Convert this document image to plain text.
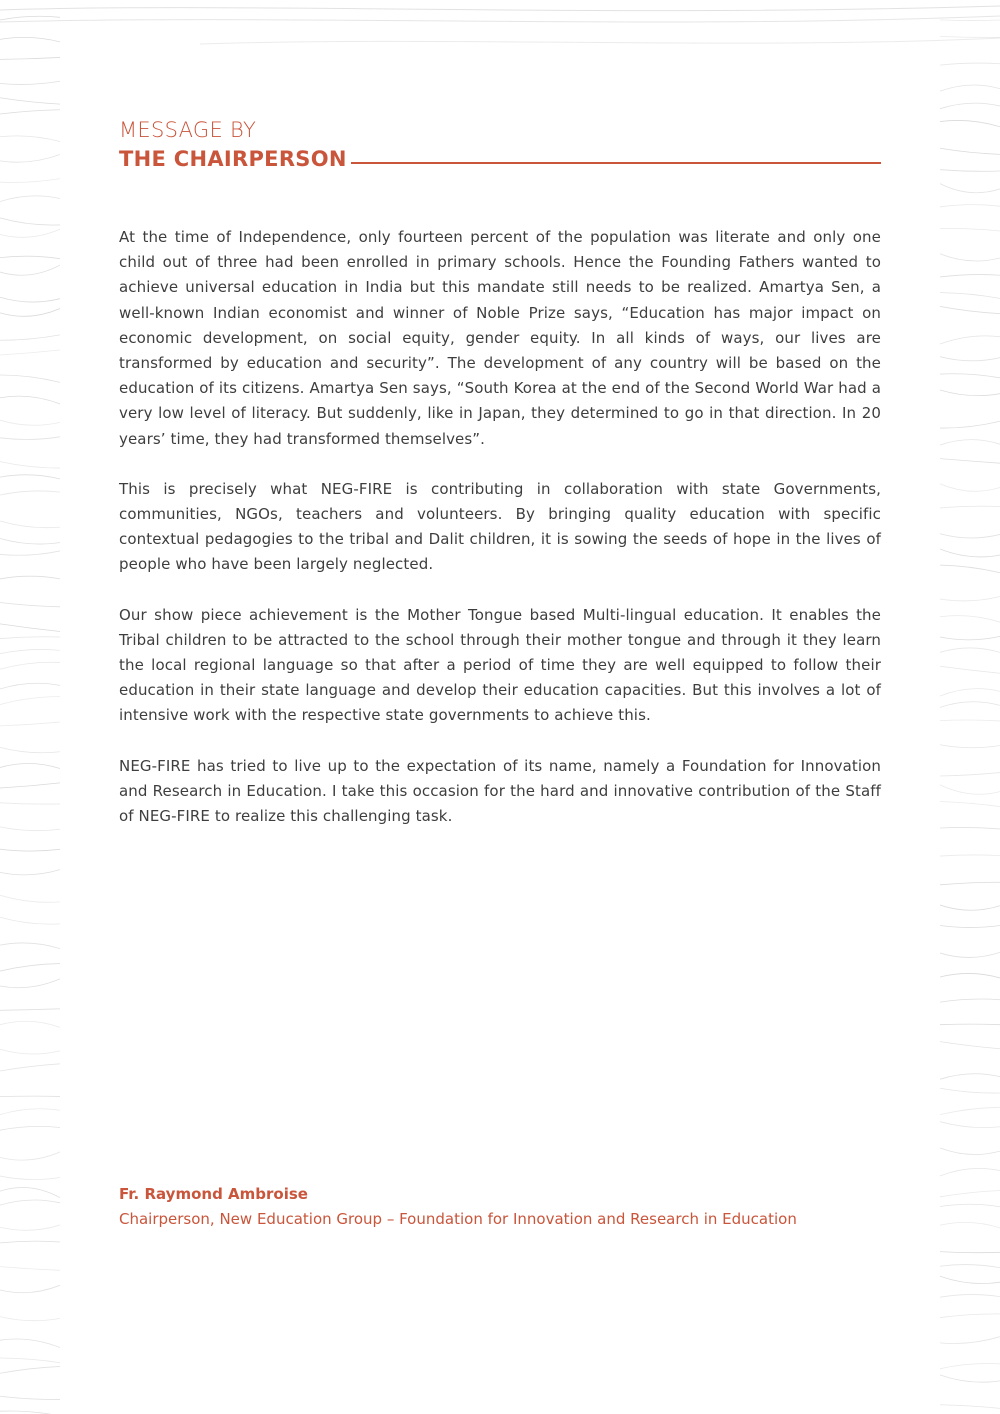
MESSAGE BY

THE CHAIRPERSON

At the time of Independence, only fourteen percent of the population was literate and only one child out of three had been enrolled in primary schools. Hence the Founding Fathers wanted to achieve universal education in India but this mandate still needs to be realized. Amartya Sen, a well-known Indian economist and winner of Noble Prize says, “Education has major impact on economic development, on social equity, gender equity. In all kinds of ways, our lives are transformed by education and security”. The development of any country will be based on the education of its citizens. Amartya Sen says, “South Korea at the end of the Second World War had a very low level of literacy. But suddenly, like in Japan, they determined to go in that direction. In 20 years’ time, they had transformed themselves”.

This is precisely what NEG-FIRE is contributing in collaboration with state Governments, communities, NGOs, teachers and volunteers. By bringing quality education with specific contextual pedagogies to the tribal and Dalit children, it is sowing the seeds of hope in the lives of people who have been largely neglected.

Our show piece achievement is the Mother Tongue based Multi-lingual education. It enables the Tribal children to be attracted to the school through their mother tongue and through it they learn the local regional language so that after a period of time they are well equipped to follow their education in their state language and develop their education capacities. But this involves a lot of intensive work with the respective state governments to achieve this.

NEG-FIRE has tried to live up to the expectation of its name, namely a Foundation for Innovation and Research in Education. I take this occasion for the hard and innovative contribution of the Staff of NEG-FIRE to realize this challenging task.

Fr. Raymond Ambroise

Chairperson, New Education Group – Foundation for Innovation and Research in Education
